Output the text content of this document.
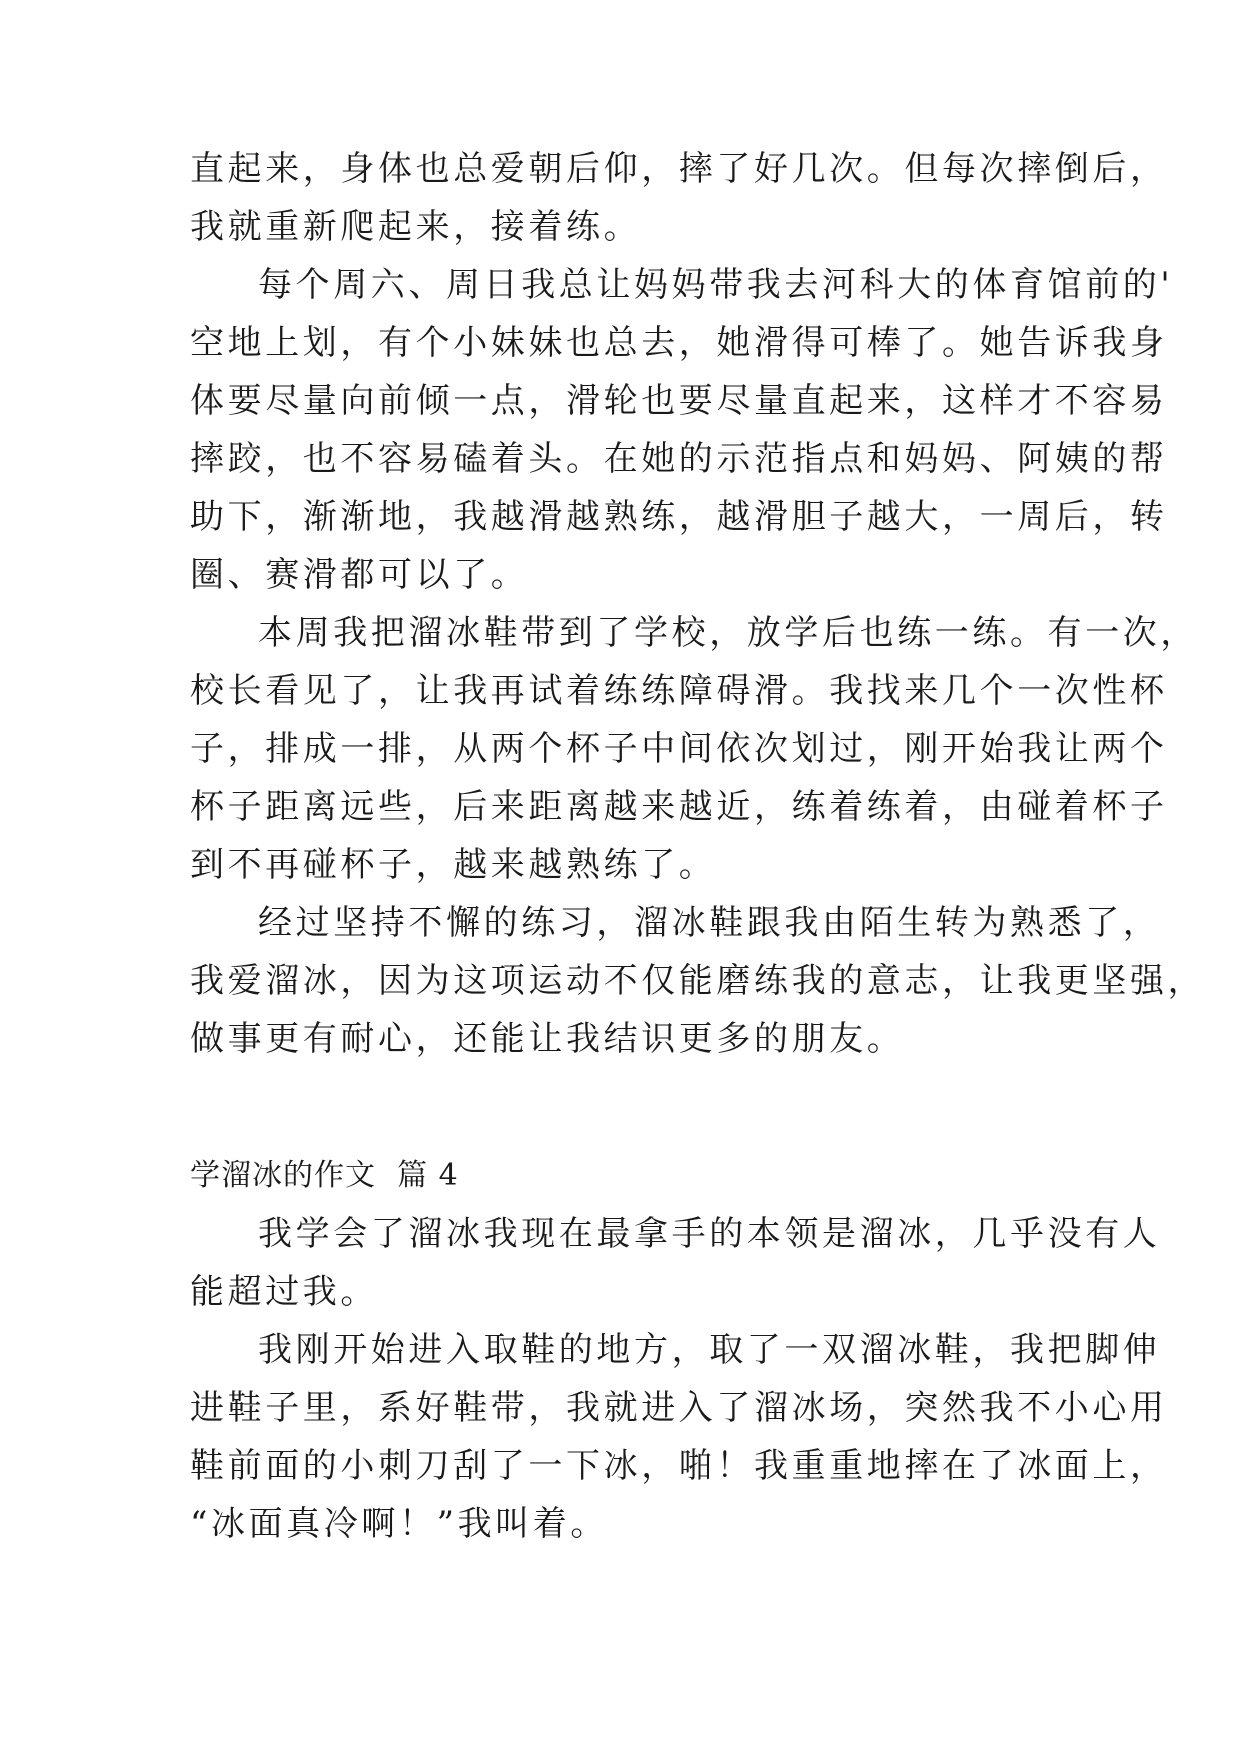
直起来，身体也总爱朝后仰，摔了好几次。但每次摔倒后，
我就重新爬起来，接着练。
每个周六、周日我总让妈妈带我去河科大的体育馆前的'
空地上划，有个小妹妹也总去，她滑得可棒了。她告诉我身
体要尽量向前倾一点，滑轮也要尽量直起来，这样才不容易
摔跤，也不容易磕着头。在她的示范指点和妈妈、阿姨的帮
助下，渐渐地，我越滑越熟练，越滑胆子越大，一周后，转
圈、赛滑都可以了。
本周我把溜冰鞋带到了学校，放学后也练一练。有一次，
校长看见了，让我再试着练练障碍滑。我找来几个一次性杯
子，排成一排，从两个杯子中间依次划过，刚开始我让两个
杯子距离远些，后来距离越来越近，练着练着，由碰着杯子
到不再碰杯子，越来越熟练了。
经过坚持不懈的练习，溜冰鞋跟我由陌生转为熟悉了，
我爱溜冰，因为这项运动不仅能磨练我的意志，让我更坚强，
做事更有耐心，还能让我结识更多的朋友。
学溜冰的作文  篇 4
我学会了溜冰我现在最拿手的本领是溜冰，几乎没有人
能超过我。
我刚开始进入取鞋的地方，取了一双溜冰鞋，我把脚伸
进鞋子里，系好鞋带，我就进入了溜冰场，突然我不小心用
鞋前面的小刺刀刮了一下冰，啪！我重重地摔在了冰面上，
“冰面真冷啊！”我叫着。
